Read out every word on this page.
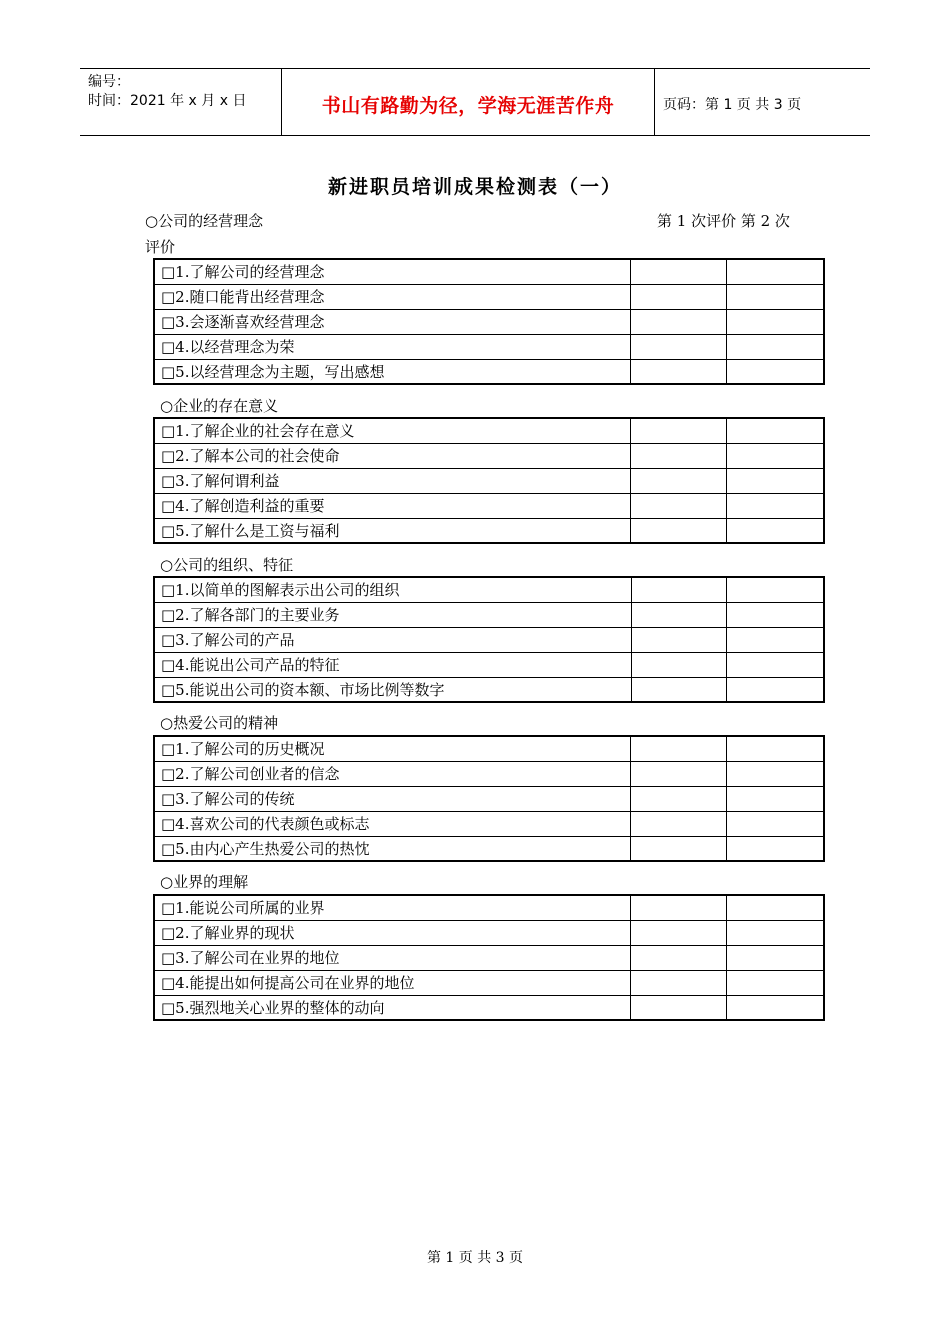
编号：
时间：2021 年 x 月 x 日	书山有路勤为径，学海无涯苦作舟	页码：第 1 页 共 3 页
新进职员培训成果检测表（一）
○公司的经营理念	第 1 次评价 第 2 次
评价
□1.了解公司的经营理念		
□2.随口能背出经营理念		
□3.会逐渐喜欢经营理念		
□4.以经营理念为荣		
□5.以经营理念为主题，写出感想		
○企业的存在意义
□1.了解企业的社会存在意义		
□2.了解本公司的社会使命		
□3.了解何谓利益		
□4.了解创造利益的重要		
□5.了解什么是工资与福利		
○公司的组织、特征
□1.以简单的图解表示出公司的组织		
□2.了解各部门的主要业务		
□3.了解公司的产品		
□4.能说出公司产品的特征		
□5.能说出公司的资本额、市场比例等数字		
○热爱公司的精神
□1.了解公司的历史概况		
□2.了解公司创业者的信念		
□3.了解公司的传统		
□4.喜欢公司的代表颜色或标志		
□5.由内心产生热爱公司的热忱		
○业界的理解
□1.能说公司所属的业界		
□2.了解业界的现状		
□3.了解公司在业界的地位		
□4.能提出如何提高公司在业界的地位		
□5.强烈地关心业界的整体的动向		
第 1 页 共 3 页
